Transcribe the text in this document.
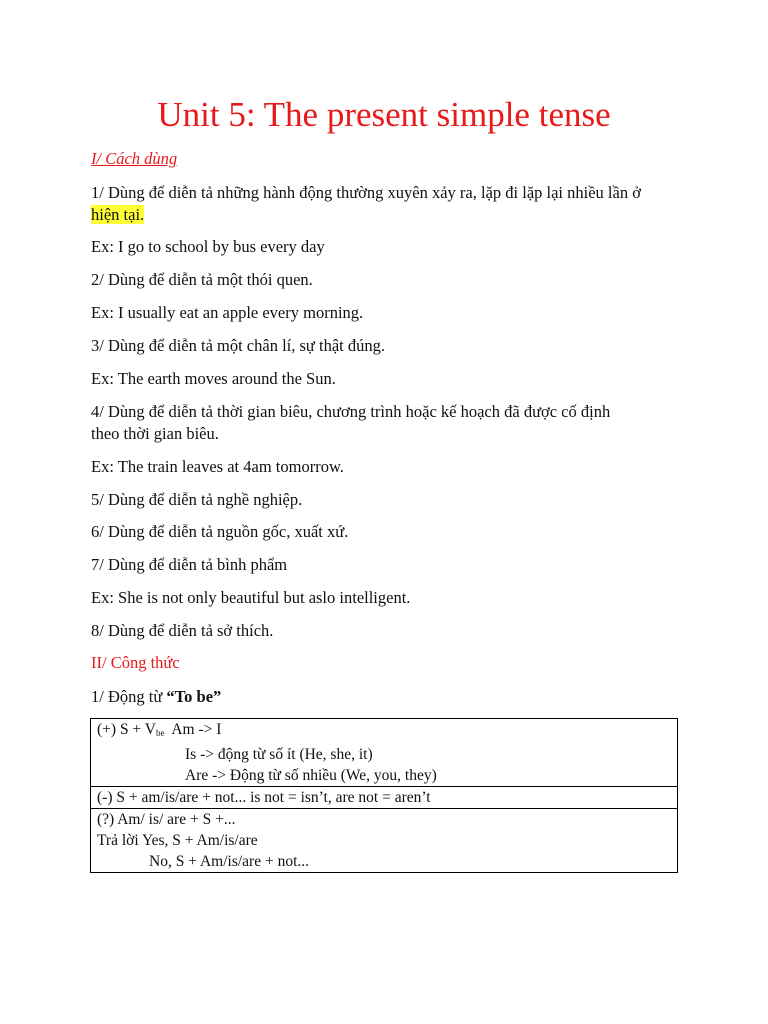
Unit 5: The present simple tense

I/ Cách dùng

1/ Dùng để diễn tả những hành động thường xuyên xảy ra, lặp đi lặp lại nhiều lần ở
hiện tại.

Ex: I go to school by bus every day

2/ Dùng để diễn tả một thói quen.

Ex: I usually eat an apple every morning.

3/ Dùng để diễn tả một chân lí, sự thật đúng.

Ex: The earth moves around the Sun.

4/ Dùng để diễn tả thời gian biêu, chương trình hoặc kế hoạch đã được cố định
theo thời gian biêu.

Ex: The train leaves at 4am tomorrow.

5/ Dùng để diễn tả nghề nghiệp.

6/ Dùng để diễn tả nguồn gốc, xuất xứ.

7/ Dùng để diễn tả bình phẩm

Ex: She is not only beautiful but aslo intelligent.

8/ Dùng để diễn tả sở thích.

II/ Công thức

1/ Động từ “To be”

(+) $S + V_{be}$  Am -> I
Is -> động từ số ít (He, she, it)
Are -> Động từ số nhiều (We, you, they)

(-) S + am/is/are + not... is not = isn’t, are not = aren’t

(?) Am/ is/ are + S +...
Trả lời Yes, S + Am/is/are
No, S + Am/is/are + not...
